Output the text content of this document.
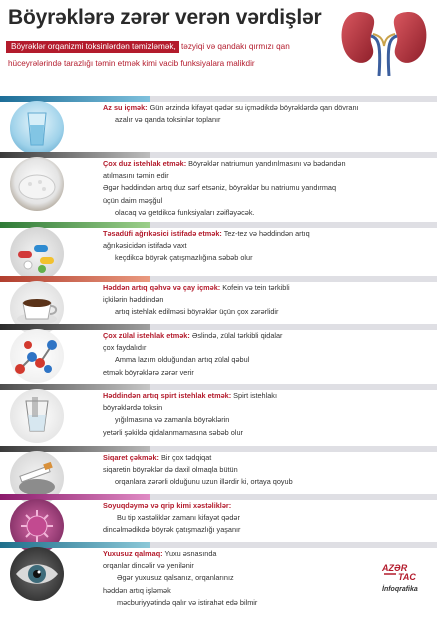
Böyrəklərə zərər verən vərdişlər
Böyrəklər orqanizmi toksinlərdən təmizləmək, təzyiqi və qandakı qırmızı qan
hüceyrələrində tarazlığı təmin etmək kimi vacib funksiyalara malikdir
Az su içmək: Gün ərzində kifayət qədər su içmədikdə böyrəklərdə qan dövranı
azalır və qanda toksinlər toplanır
Çox duz istehlak etmək: Böyrəklər natriumun yandırılmasını və bədəndən
atılmasını təmin edir
Əgər həddindən artıq duz sərf etsəniz, böyrəklər bu natriumu yandırmaq
üçün daim məşğul
olacaq və getdikcə funksiyaları zəifləyəcək.
Təsadüfi ağrıkəsici istifadə etmək: Tez-tez və həddindən artıq
ağrıkəsicidən istifadə vaxt
keçdikcə böyrək çatışmazlığına səbəb olur
Həddən artıq qəhvə və çay içmək: Kofein və tein tərkibli
içkilərin həddindən
artıq istehlak edilməsi böyrəklər üçün çox zərərlidir
Çox zülal istehlak etmək: Əslində, zülal tərkibli qidalar
çox faydalıdır
Amma lazım olduğundan artıq zülal qəbul
etmək böyrəklərə zərər verir
Həddindən artıq spirt istehlak etmək: Spirt istehlakı
böyrəklərdə toksin
yığılmasına və zamanla böyrəklərin
yetərli şəkildə qidalanmamasına səbəb olur
Siqaret çəkmək: Bir çox tədqiqat
siqaretin böyrəklər də daxil olmaqla bütün
orqanlara zərərli olduğunu uzun illərdir ki, ortaya qoyub
Soyuqdəymə və qrip kimi xəstəliklər:
Bu tip xəstəliklər zamanı kifayət qədər
dincəlmədikdə böyrək çatışmazlığı yaşanır
Yuxusuz qalmaq: Yuxu əsnasında
orqanlar dincəlir və yenilənir
Əgər yuxusuz qalsanız, orqanlarınız
həddən artıq işləmək
məcburiyyətində qalır və istirahət edə bilmir
AZƏR
TAC
İnfoqrafika
